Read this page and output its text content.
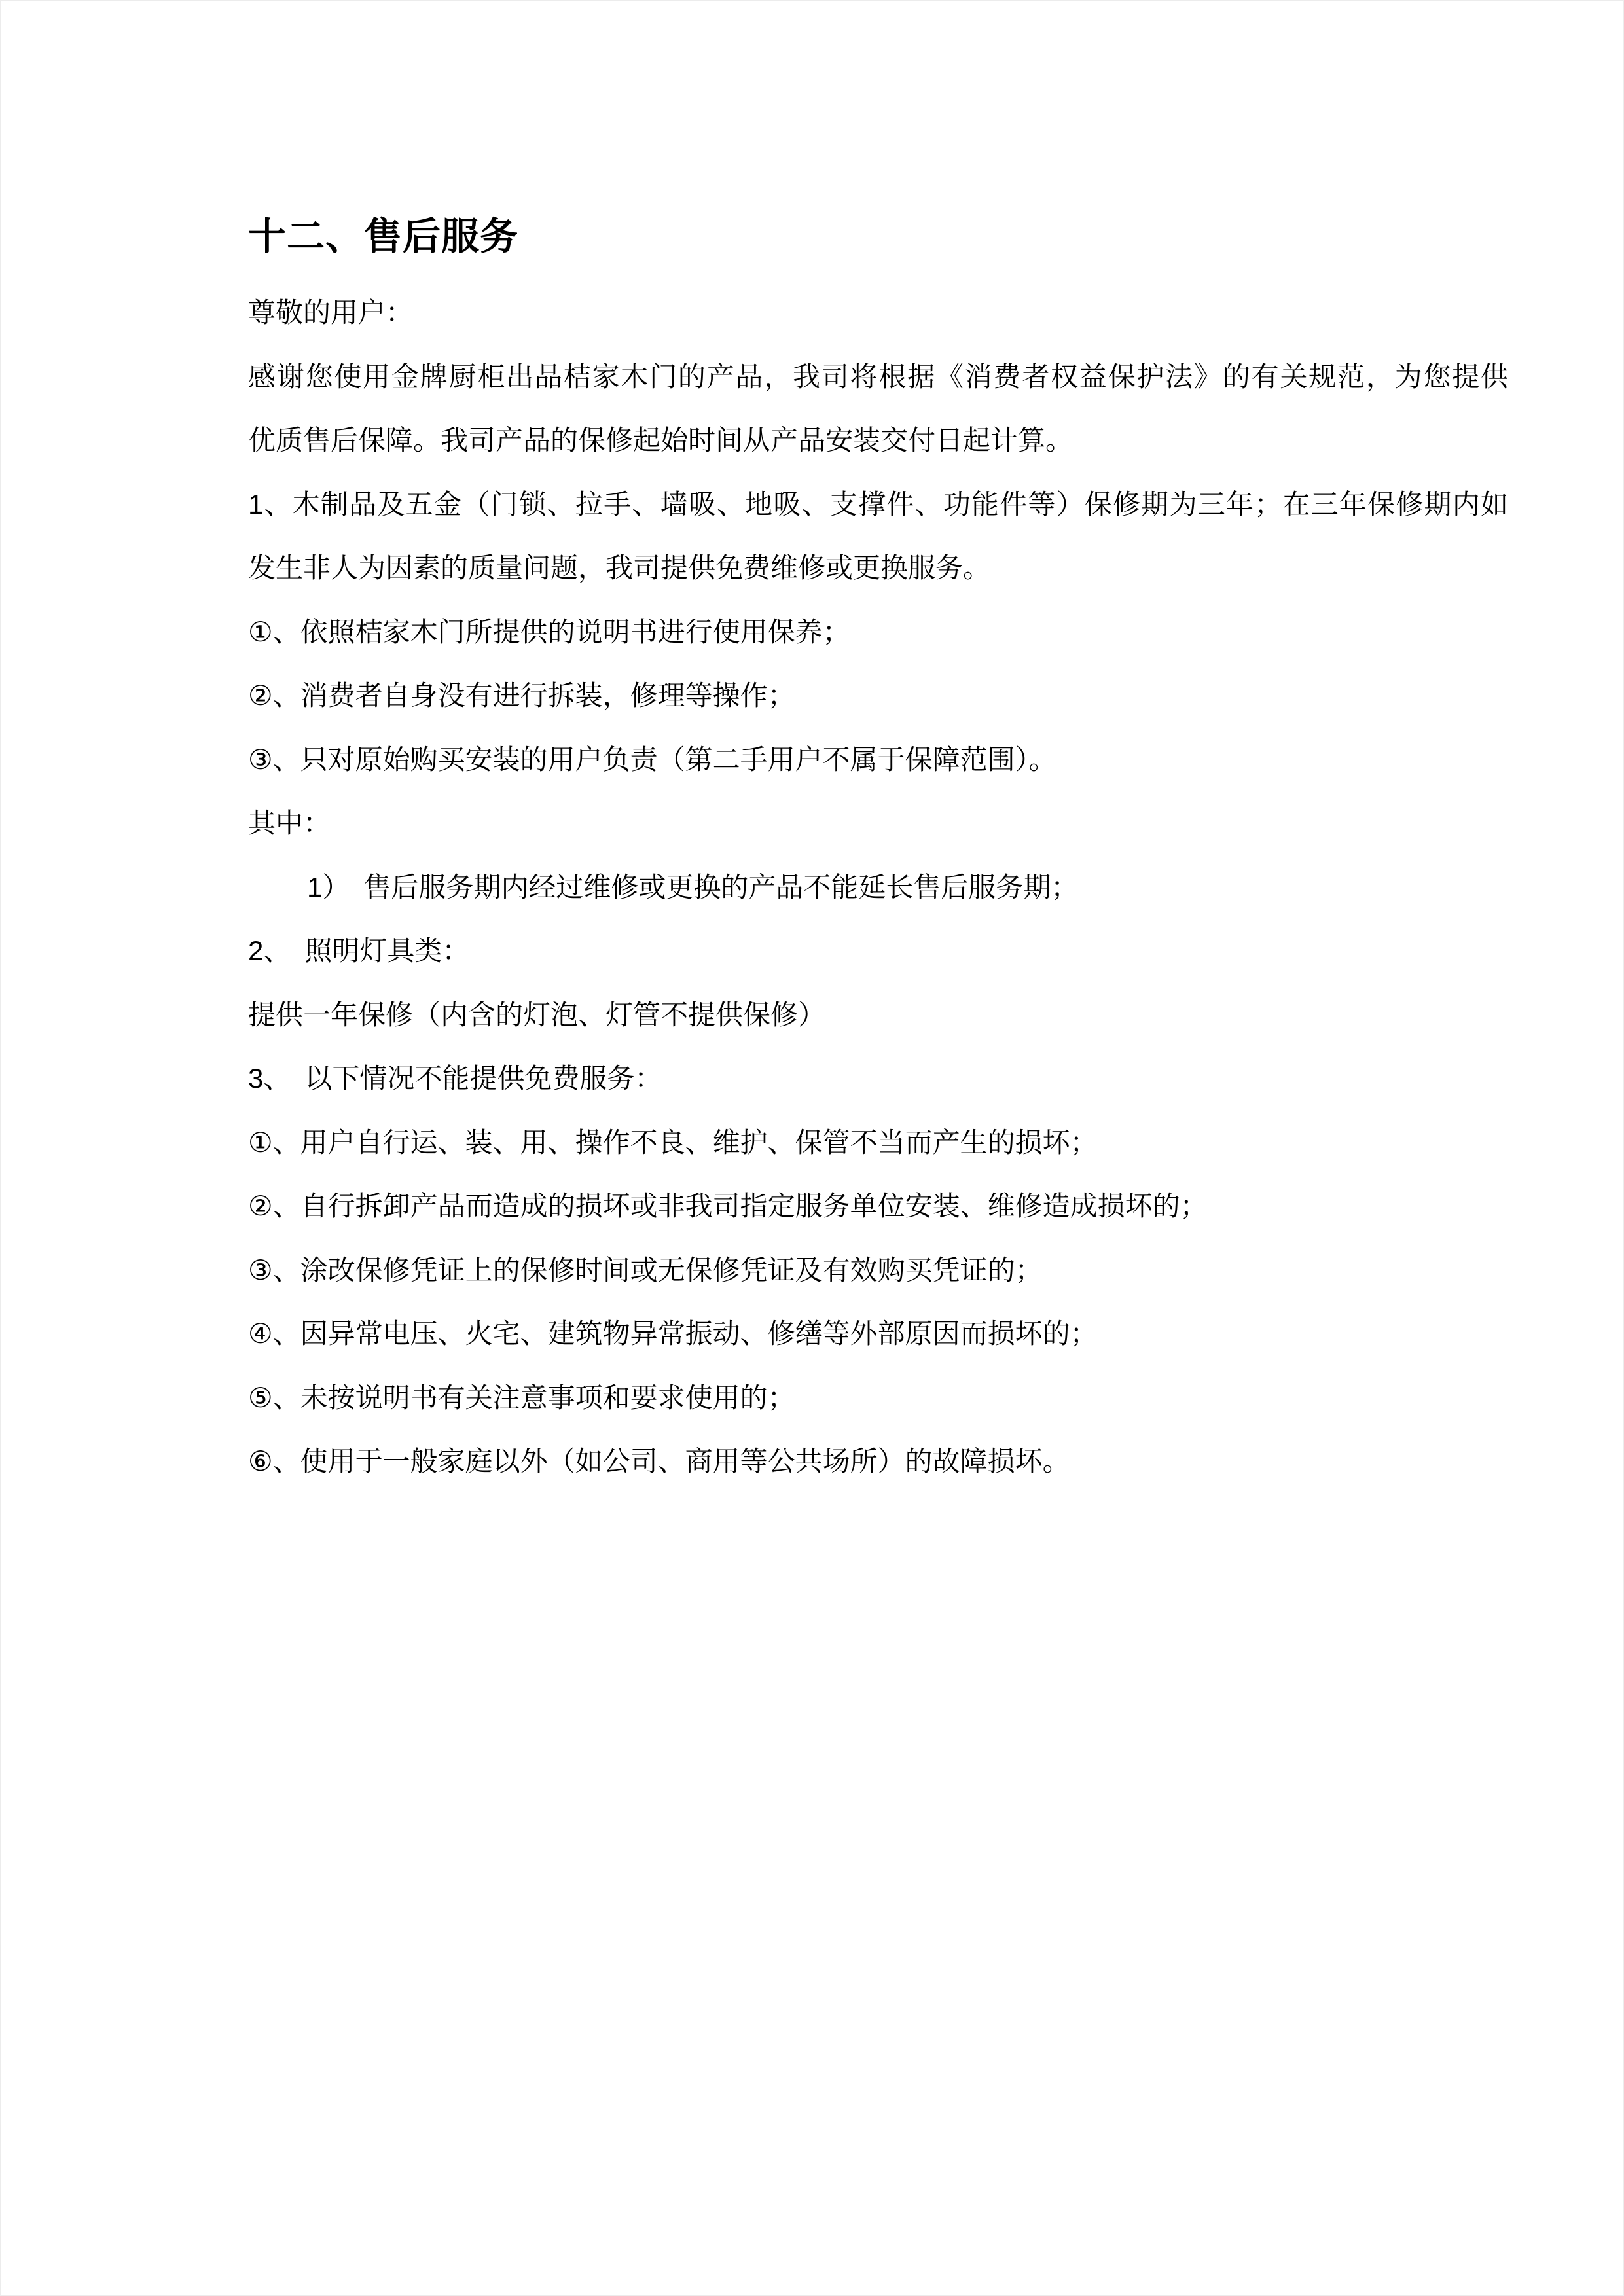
十二、售后服务
尊敬的用户：
感谢您使用金牌厨柜出品桔家木门的产品，我司将根据《消费者权益保护法》的有关规范，为您提供
优质售后保障。我司产品的保修起始时间从产品安装交付日起计算。
1、木制品及五金（门锁、拉手、墙吸、地吸、支撑件、功能件等）保修期为三年；在三年保修期内如
发生非人为因素的质量问题，我司提供免费维修或更换服务。
①、依照桔家木门所提供的说明书进行使用保养；
②、消费者自身没有进行拆装，修理等操作；
③、只对原始购买安装的用户负责（第二手用户不属于保障范围）。
其中：
1） 售后服务期内经过维修或更换的产品不能延长售后服务期；
2、 照明灯具类：
提供一年保修（内含的灯泡、灯管不提供保修）
3、 以下情况不能提供免费服务：
①、用户自行运、装、用、操作不良、维护、保管不当而产生的损坏；
②、自行拆卸产品而造成的损坏或非我司指定服务单位安装、维修造成损坏的；
③、涂改保修凭证上的保修时间或无保修凭证及有效购买凭证的；
④、因异常电压、火宅、建筑物异常振动、修缮等外部原因而损坏的；
⑤、未按说明书有关注意事项和要求使用的；
⑥、使用于一般家庭以外（如公司、商用等公共场所）的故障损坏。
